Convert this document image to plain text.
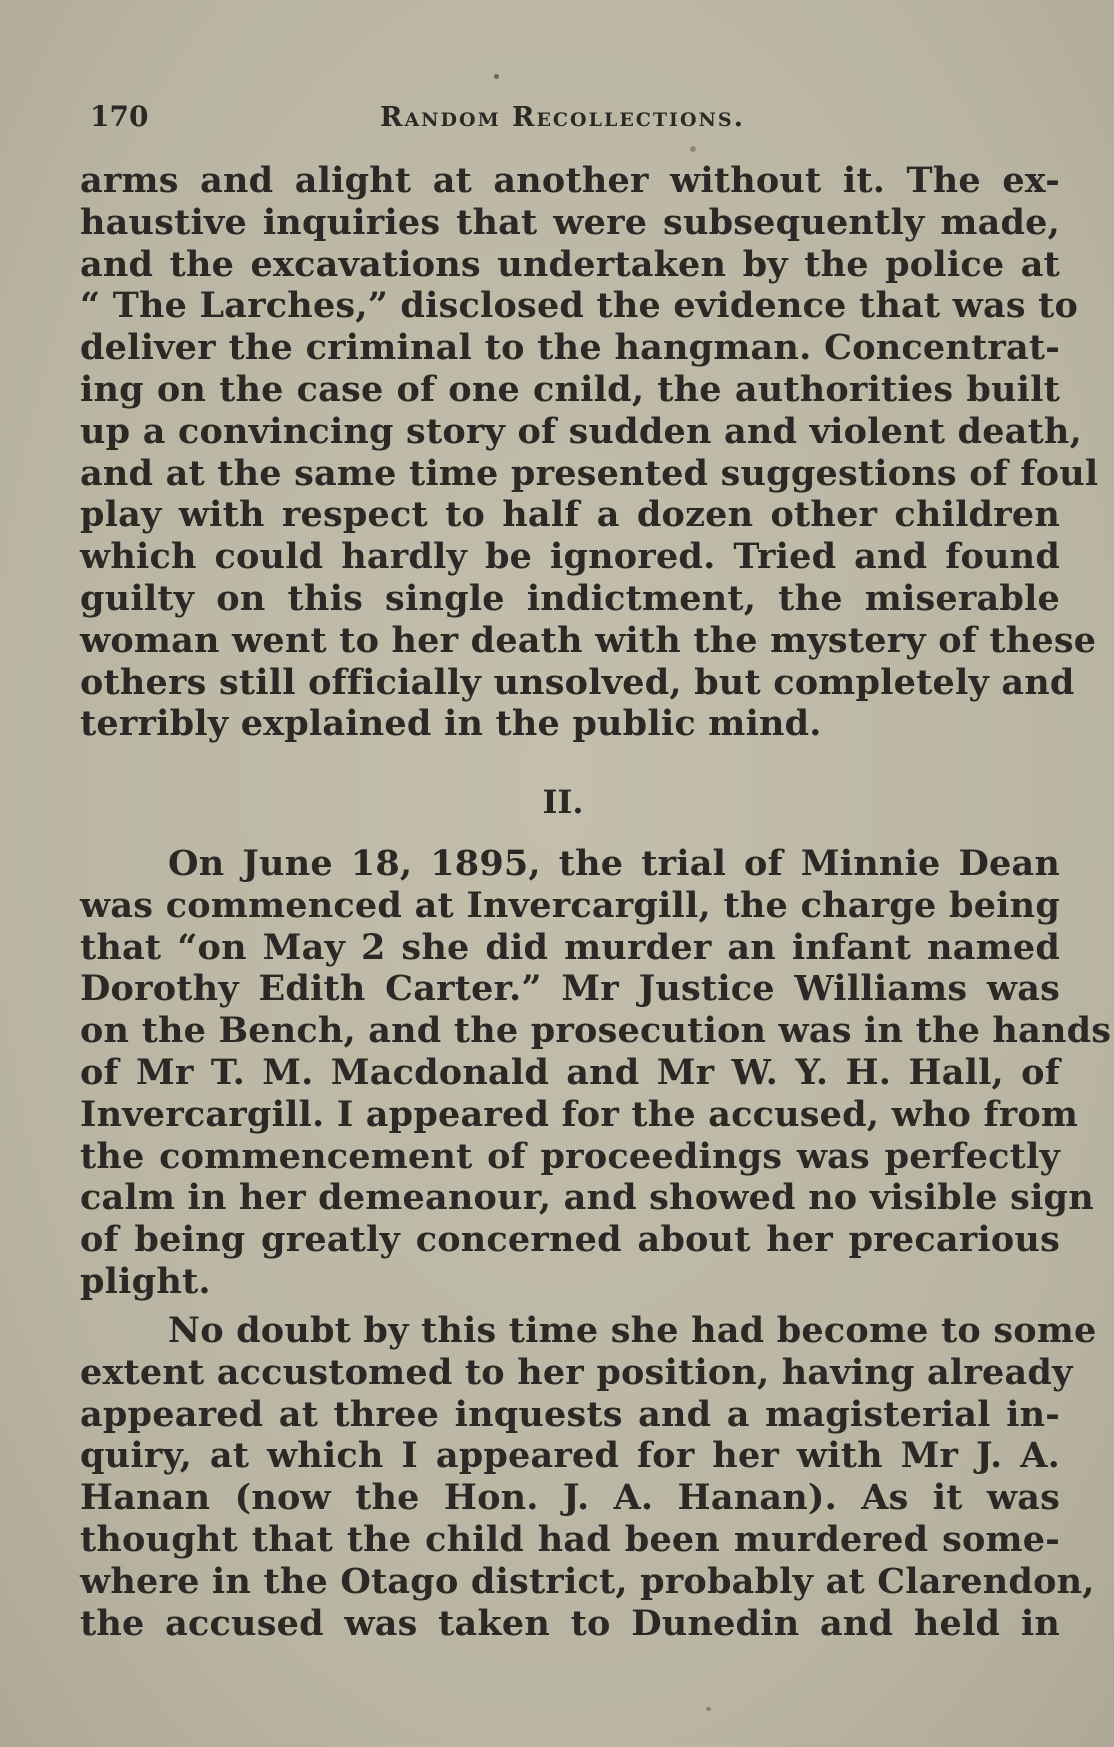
170	Random Recollections.
arms and alight at another without it. The ex-
haustive inquiries that were subsequently made,
and the excavations undertaken by the police at
“ The Larches,” disclosed the evidence that was to
deliver the criminal to the hangman. Concentrat-
ing on the case of one cnild, the authorities built
up a convincing story of sudden and violent death,
and at the same time presented suggestions of foul
play with respect to half a dozen other children
which could hardly be ignored. Tried and found
guilty on this single indictment, the miserable
woman went to her death with the mystery of these
others still officially unsolved, but completely and
terribly explained in the public mind.
II.
On June 18, 1895, the trial of Minnie Dean
was commenced at Invercargill, the charge being
that “on May 2 she did murder an infant named
Dorothy Edith Carter.” Mr Justice Williams was
on the Bench, and the prosecution was in the hands
of Mr T. M. Macdonald and Mr W. Y. H. Hall, of
Invercargill. I appeared for the accused, who from
the commencement of proceedings was perfectly
calm in her demeanour, and showed no visible sign
of being greatly concerned about her precarious
plight.
No doubt by this time she had become to some
extent accustomed to her position, having already
appeared at three inquests and a magisterial in-
quiry, at which I appeared for her with Mr J. A.
Hanan (now the Hon. J. A. Hanan). As it was
thought that the child had been murdered some-
where in the Otago district, probably at Clarendon,
the accused was taken to Dunedin and held in
